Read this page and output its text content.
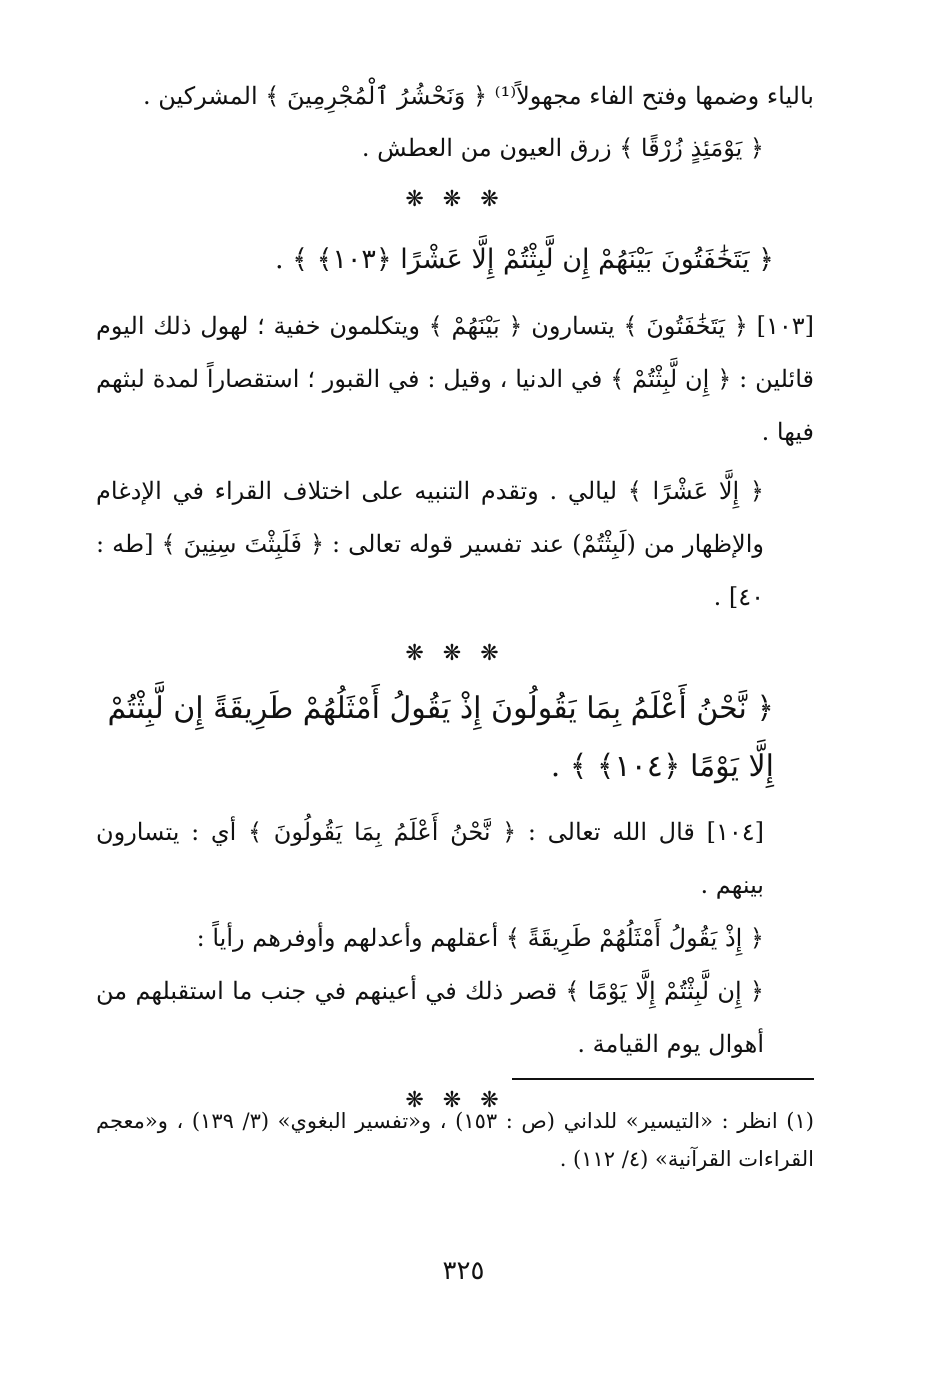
بالياء وضمها وفتح الفاء مجهولاً⁽¹⁾ ﴿ وَنَحْشُرُ ٱلْمُجْرِمِينَ ﴾ المشركين .

﴿ يَوْمَئِذٍ زُرْقًا ﴾ زرق العيون من العطش .

❋ ❋ ❋

﴿ يَتَخَٰفَتُونَ بَيْنَهُمْ إِن لَّبِثْتُمْ إِلَّا عَشْرًا ﴿١٠٣﴾ ﴾ .

[١٠٣] ﴿ يَتَخَٰفَتُونَ ﴾ يتسارون ﴿ بَيْنَهُمْ ﴾ ويتكلمون خفية ؛ لهول ذلك اليوم قائلين : ﴿ إِن لَّبِثْتُمْ ﴾ في الدنيا ، وقيل : في القبور ؛ استقصاراً لمدة لبثهم فيها .

﴿ إِلَّا عَشْرًا ﴾ ليالي . وتقدم التنبيه على اختلاف القراء في الإدغام والإظهار من (لَبِثْتُمْ) عند تفسير قوله تعالى : ﴿ فَلَبِثْتَ سِنِينَ ﴾ [طه : ٤٠] .

❋ ❋ ❋

﴿ نَّحْنُ أَعْلَمُ بِمَا يَقُولُونَ إِذْ يَقُولُ أَمْثَلُهُمْ طَرِيقَةً إِن لَّبِثْتُمْ إِلَّا يَوْمًا ﴿١٠٤﴾ ﴾ .

[١٠٤] قال الله تعالى : ﴿ نَّحْنُ أَعْلَمُ بِمَا يَقُولُونَ ﴾ أي : يتسارون بينهم .

﴿ إِذْ يَقُولُ أَمْثَلُهُمْ طَرِيقَةً ﴾ أعقلهم وأعدلهم وأوفرهم رأياً :

﴿ إِن لَّبِثْتُمْ إِلَّا يَوْمًا ﴾ قصر ذلك في أعينهم في جنب ما استقبلهم من أهوال يوم القيامة .

❋ ❋ ❋

(١) انظر : «التيسير» للداني (ص : ١٥٣) ، و«تفسير البغوي» (٣/ ١٣٩) ، و«معجم القراءات القرآنية» (٤/ ١١٢) .
٣٢٥
